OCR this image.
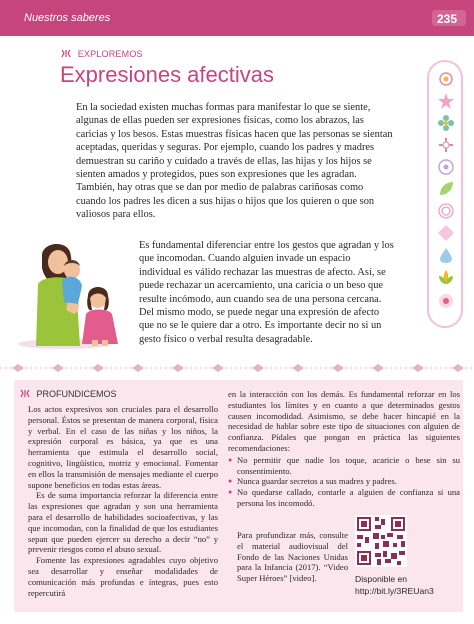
Nuestros saberes	235
EXPLOREMOS
Expresiones afectivas

En la sociedad existen muchas formas para manifestar lo que se siente, algunas de ellas pueden ser expresiones físicas, como los abrazos, las caricias y los besos. Estas muestras físicas hacen que las personas se sientan aceptadas, queridas y seguras. Por ejemplo, cuando los padres y madres demuestran su cariño y cuidado a través de ellas, las hijas y los hijos se sienten amados y protegidos, pues son expresiones que les agradan. También, hay otras que se dan por medio de palabras cariñosas como cuando los padres les dicen a sus hijas o hijos que los quieren o que son valiosos para ellos.

Es fundamental diferenciar entre los gestos que agradan y los que incomodan. Cuando alguien invade un espacio individual es válido rechazar las muestras de afecto. Así, se puede rechazar un acercamiento, una caricia o un beso que resulte incómodo, aun cuando sea de una persona cercana. Del mismo modo, se puede negar una expresión de afecto que no se le quiere dar a otro. Es importante decir no si un gesto físico o verbal resulta desagradable.

PROFUNDICEMOS

Los actos expresivos son cruciales para el desarrollo personal. Éstos se presentan de manera corporal, física y verbal. En el caso de las niñas y los niños, la expresión corporal es básica, ya que es una herramienta que estimula el desarrollo social, cognitivo, lingüístico, motriz y emocional. Fomentar en ellos la transmisión de mensajes mediante el cuerpo supone beneficios en todas estas áreas.

Es de suma importancia reforzar la diferencia entre las expresiones que agradan y son una herramienta para el desarrollo de habilidades socioafectivas, y las que incomodan, con la finalidad de que los estudiantes sepan que pueden ejercer su derecho a decir “no” y prevenir riesgos como el abuso sexual.

Fomente las expresiones agradables cuyo objetivo sea desarrollar y enseñar modalidades de comunicación más profundas e íntegras, pues esto repercutirá

en la interacción con los demás. Es fundamental reforzar en los estudiantes los límites y en cuanto a que determinados gestos causen incomodidad. Asimismo, se debe hacer hincapié en la necesidad de hablar sobre este tipo de situaciones con alguien de confianza. Pídales que pongan en práctica las siguientes recomendaciones:

● No permitir que nadie los toque, acaricie o bese sin su consentimiento.
● Nunca guardar secretos a sus madres y padres.
● No quedarse callado, contarle a alguien de confianza si una persona los incomodó.

Para profundizar más, consulte el material audiovisual del Fondo de las Naciones Unidas para la Infancia (2017). “Video Super Héroes” [video].	Disponible en
http://bit.ly/3REUan3
